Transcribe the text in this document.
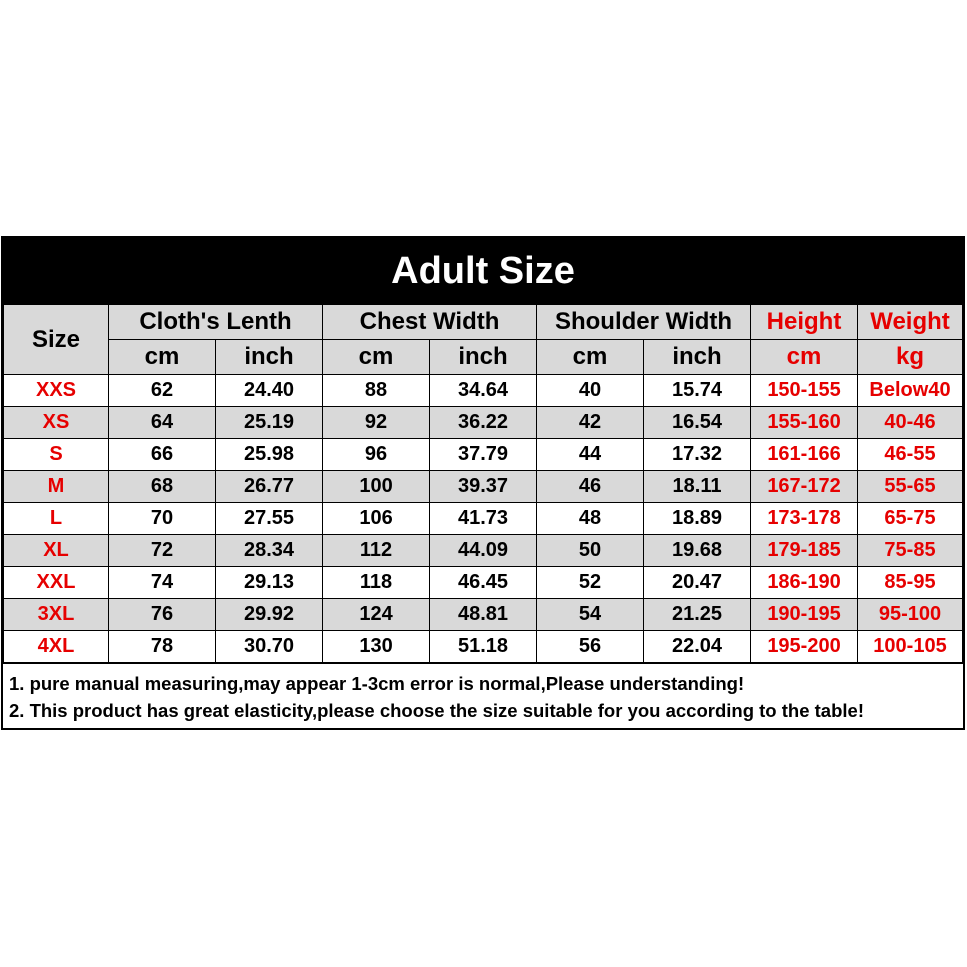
Adult Size
Size	Cloth's Lenth		Chest Width		Shoulder Width		Height	Weight
	cm	inch	cm	inch	cm	inch	cm	kg
XXS	62	24.40	88	34.64	40	15.74	150-155	Below40
XS	64	25.19	92	36.22	42	16.54	155-160	40-46
S	66	25.98	96	37.79	44	17.32	161-166	46-55
M	68	26.77	100	39.37	46	18.11	167-172	55-65
L	70	27.55	106	41.73	48	18.89	173-178	65-75
XL	72	28.34	112	44.09	50	19.68	179-185	75-85
XXL	74	29.13	118	46.45	52	20.47	186-190	85-95
3XL	76	29.92	124	48.81	54	21.25	190-195	95-100
4XL	78	30.70	130	51.18	56	22.04	195-200	100-105
1. pure manual measuring,may appear 1-3cm error is normal,Please understanding!
2. This product has great elasticity,please choose the size suitable for you according to the table!
